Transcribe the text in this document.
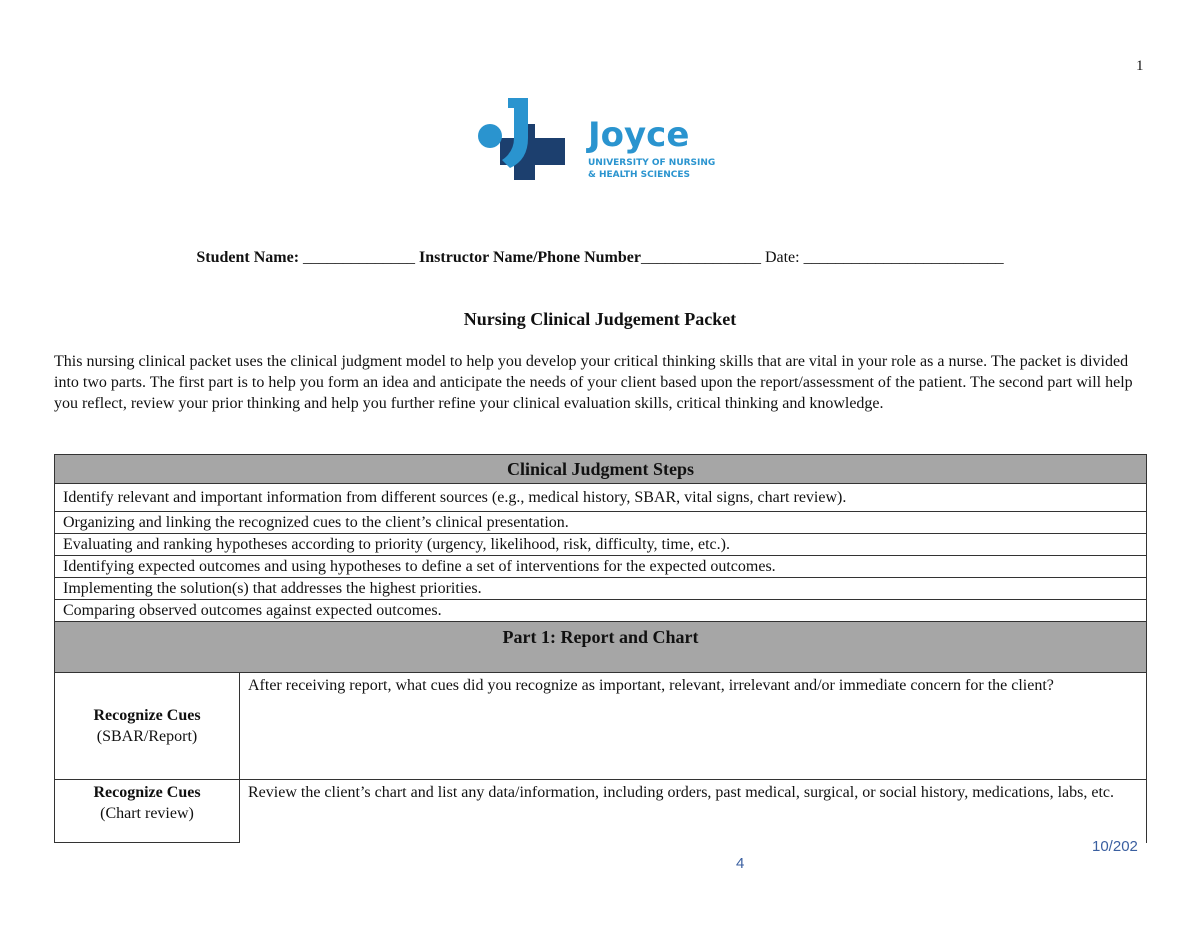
1
Joyce
UNIVERSITY OF NURSING
& HEALTH SCIENCES
Student Name: ______________ Instructor Name/Phone Number_______________ Date: _________________________
Nursing Clinical Judgement Packet

This nursing clinical packet uses the clinical judgment model to help you develop your critical thinking skills that are vital in your role as a nurse. The packet is divided into two parts. The first part is to help you form an idea and anticipate the needs of your client based upon the report/assessment of the patient. The second part will help you reflect, review your prior thinking and help you further refine your clinical evaluation skills, critical thinking and knowledge.

Clinical Judgment Steps	
Identify relevant and important information from different sources (e.g., medical history, SBAR, vital signs, chart review).	
Organizing and linking the recognized cues to the client’s clinical presentation.	
Evaluating and ranking hypotheses according to priority (urgency, likelihood, risk, difficulty, time, etc.).	
Identifying expected outcomes and using hypotheses to define a set of interventions for the expected outcomes.	
Implementing the solution(s) that addresses the highest priorities.	
Comparing observed outcomes against expected outcomes.	
Part 1: Report and Chart	
Recognize Cues
(SBAR/Report)	After receiving report, what cues did you recognize as important, relevant, irrelevant and/or immediate concern for the client?
Recognize Cues
(Chart review)	Review the client’s chart and list any data/information, including orders, past medical, surgical, or social history, medications, labs, etc.
10/202
4
